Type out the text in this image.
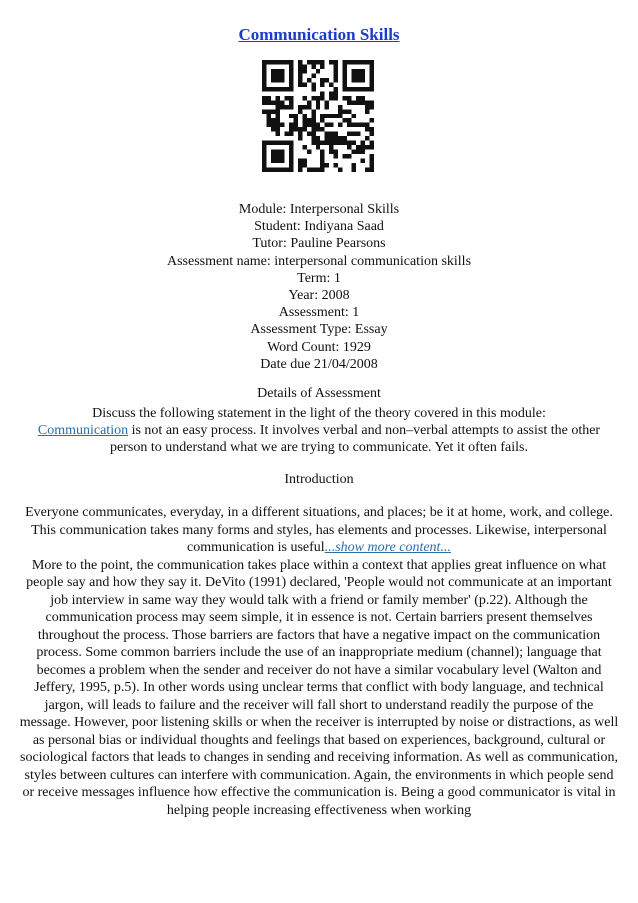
Communication Skills
Module: Interpersonal Skills
Student: Indiyana Saad
Tutor: Pauline Pearsons
Assessment name: interpersonal communication skills
Term: 1
Year: 2008
Assessment: 1
Assessment Type: Essay
Word Count: 1929
Date due 21/04/2008
Details of Assessment
Discuss the following statement in the light of the theory covered in this module:
Communication is not an easy process. It involves verbal and non–verbal attempts to assist the other person to understand what we are trying to communicate. Yet it often fails.
Introduction

Everyone communicates, everyday, in a different situations, and places; be it at home, work, and college. This communication takes many forms and styles, has elements and processes. Likewise, interpersonal communication is useful...show more content...

More to the point, the communication takes place within a context that applies great influence on what people say and how they say it. DeVito (1991) declared, 'People would not communicate at an important job interview in same way they would talk with a friend or family member' (p.22). Although the communication process may seem simple, it in essence is not. Certain barriers present themselves throughout the process. Those barriers are factors that have a negative impact on the communication process. Some common barriers include the use of an inappropriate medium (channel); language that becomes a problem when the sender and receiver do not have a similar vocabulary level (Walton and Jeffery, 1995, p.5). In other words using unclear terms that conflict with body language, and technical jargon, will leads to failure and the receiver will fall short to understand readily the purpose of the message. However, poor listening skills or when the receiver is interrupted by noise or distractions, as well as personal bias or individual thoughts and feelings that based on experiences, background, cultural or sociological factors that leads to changes in sending and receiving information. As well as communication, styles between cultures can interfere with communication. Again, the environments in which people send or receive messages influence how effective the communication is. Being a good communicator is vital in helping people increasing effectiveness when working
